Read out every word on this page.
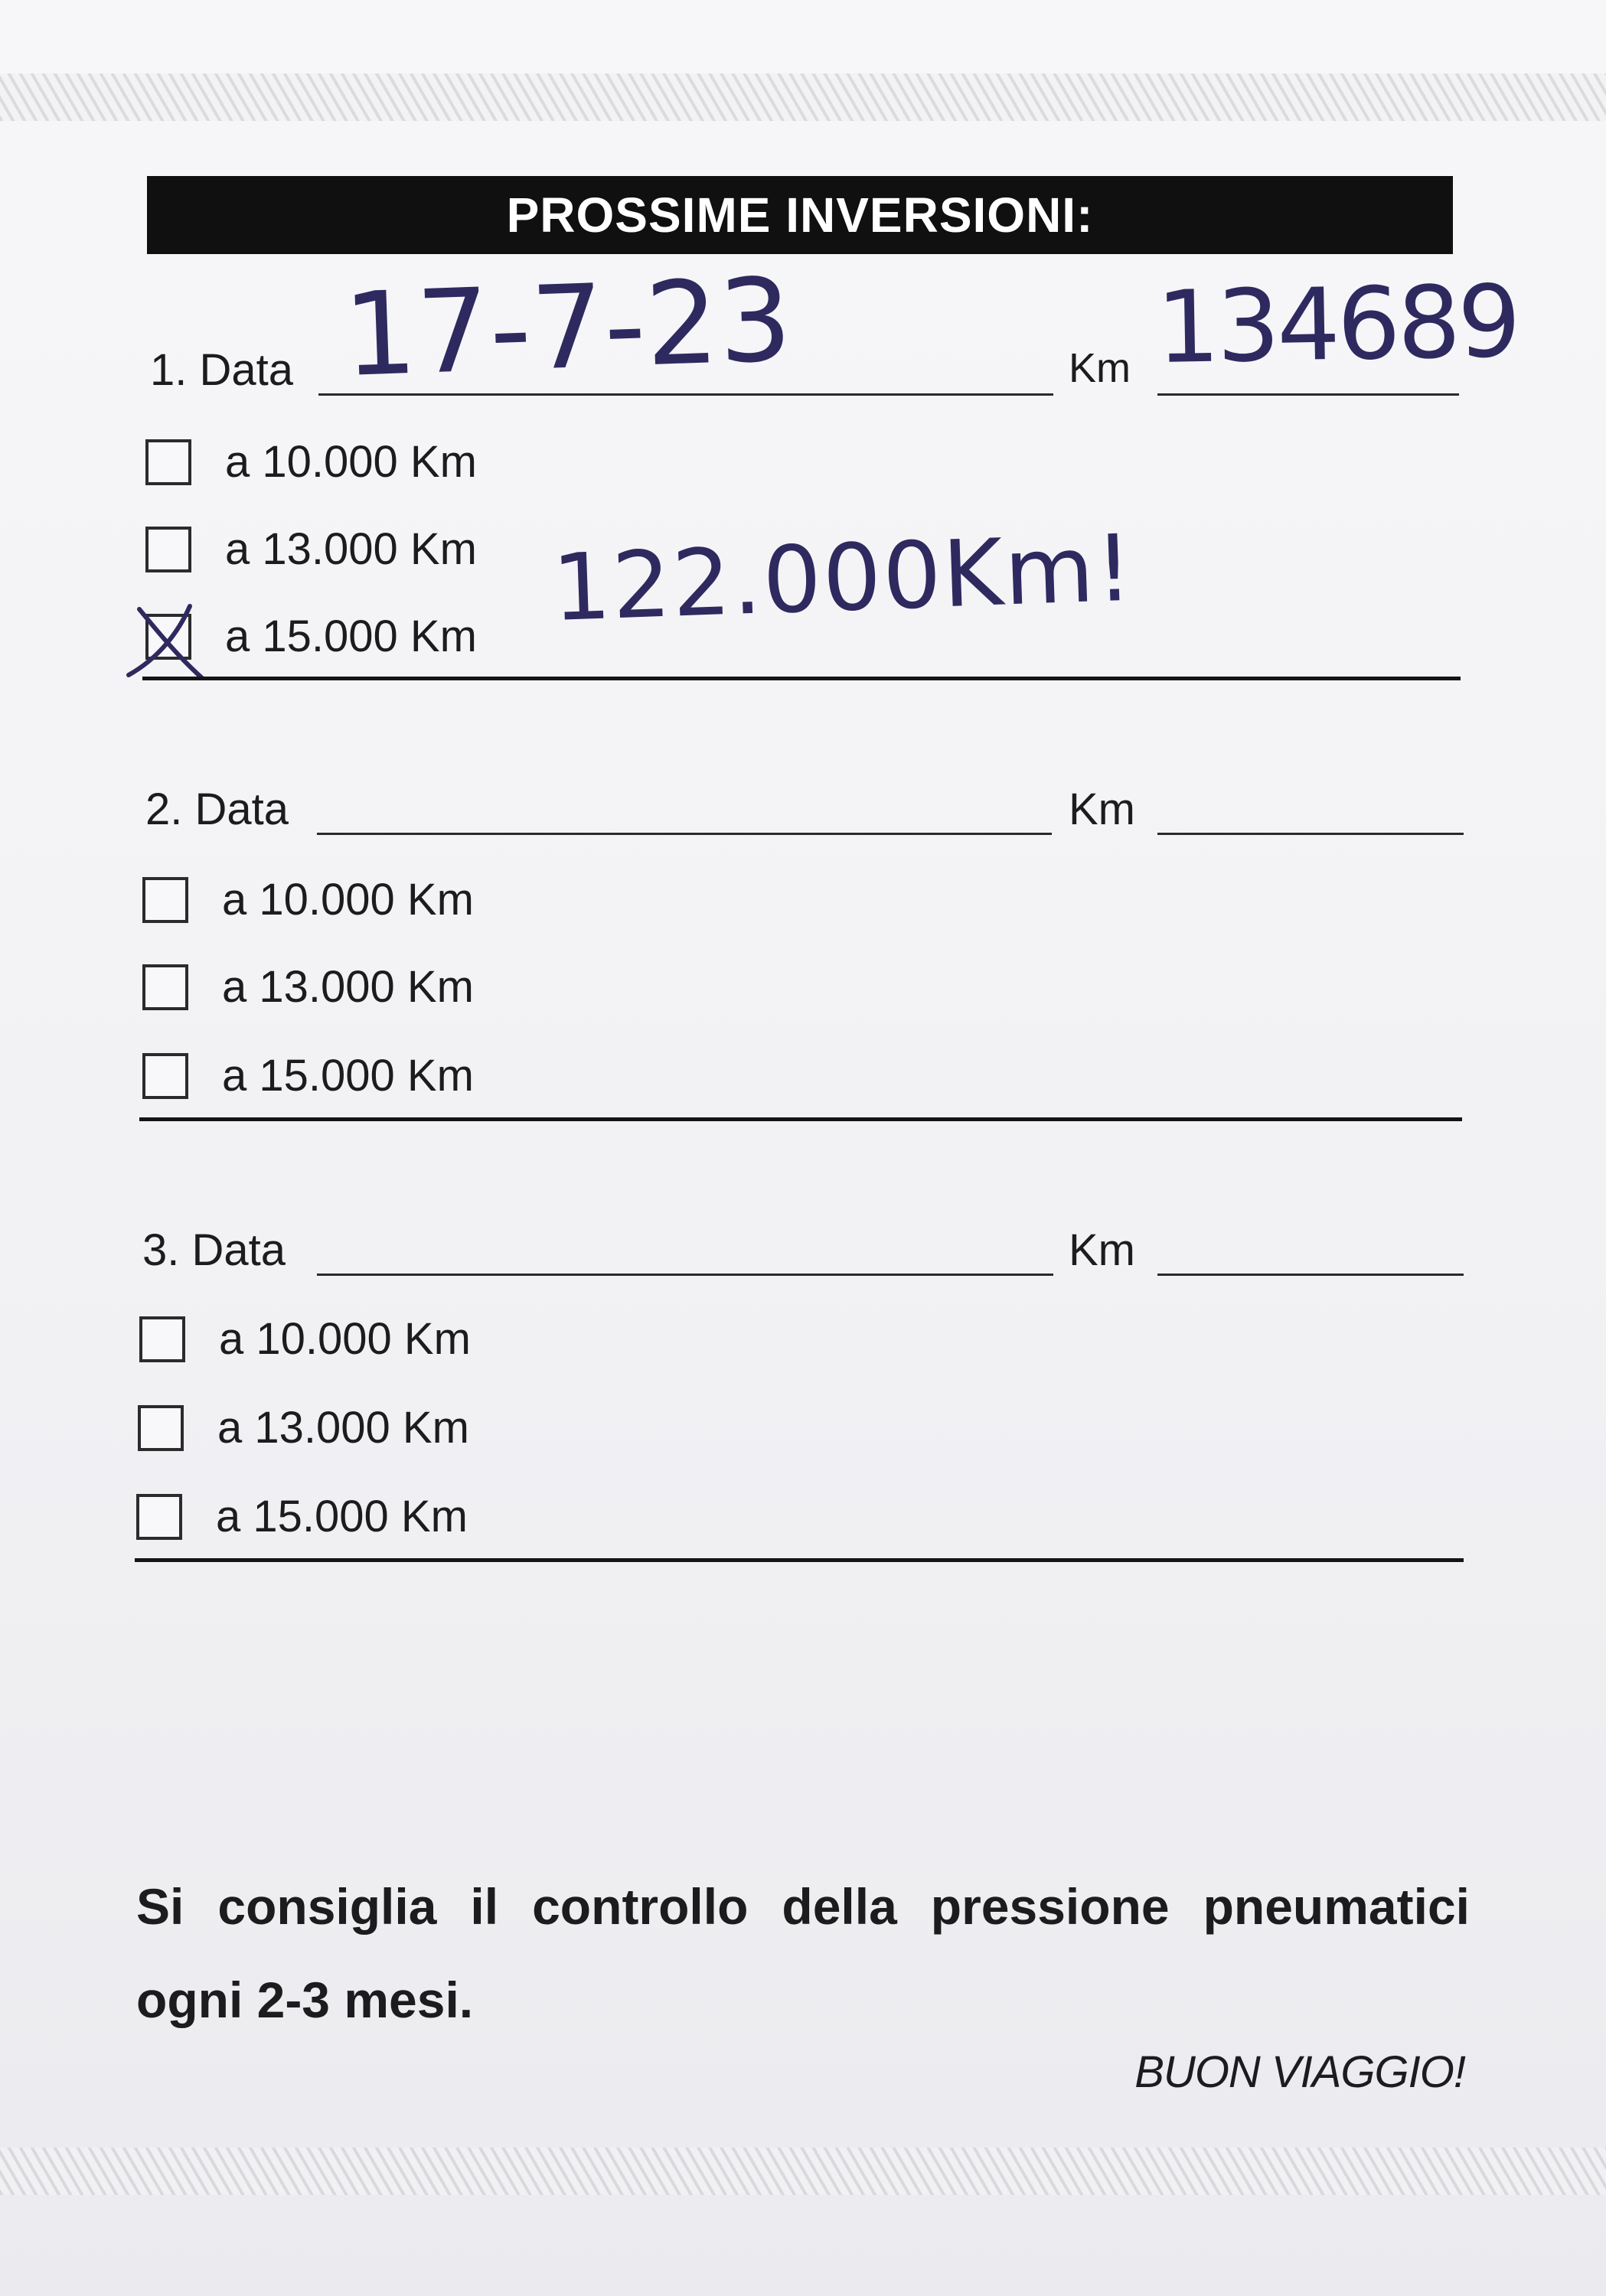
PROSSIME INVERSIONI:
1. Data	Km
17-7-23	134689
a 10.000 Km
a 13.000 Km
a 15.000 Km 122.000Km!
2. Data	Km
a 10.000 Km
a 13.000 Km
a 15.000 Km
3. Data	Km
a 10.000 Km
a 13.000 Km
a 15.000 Km
Si consiglia il controllo della pressione pneumatici ogni 2-3 mesi.
BUON VIAGGIO!
